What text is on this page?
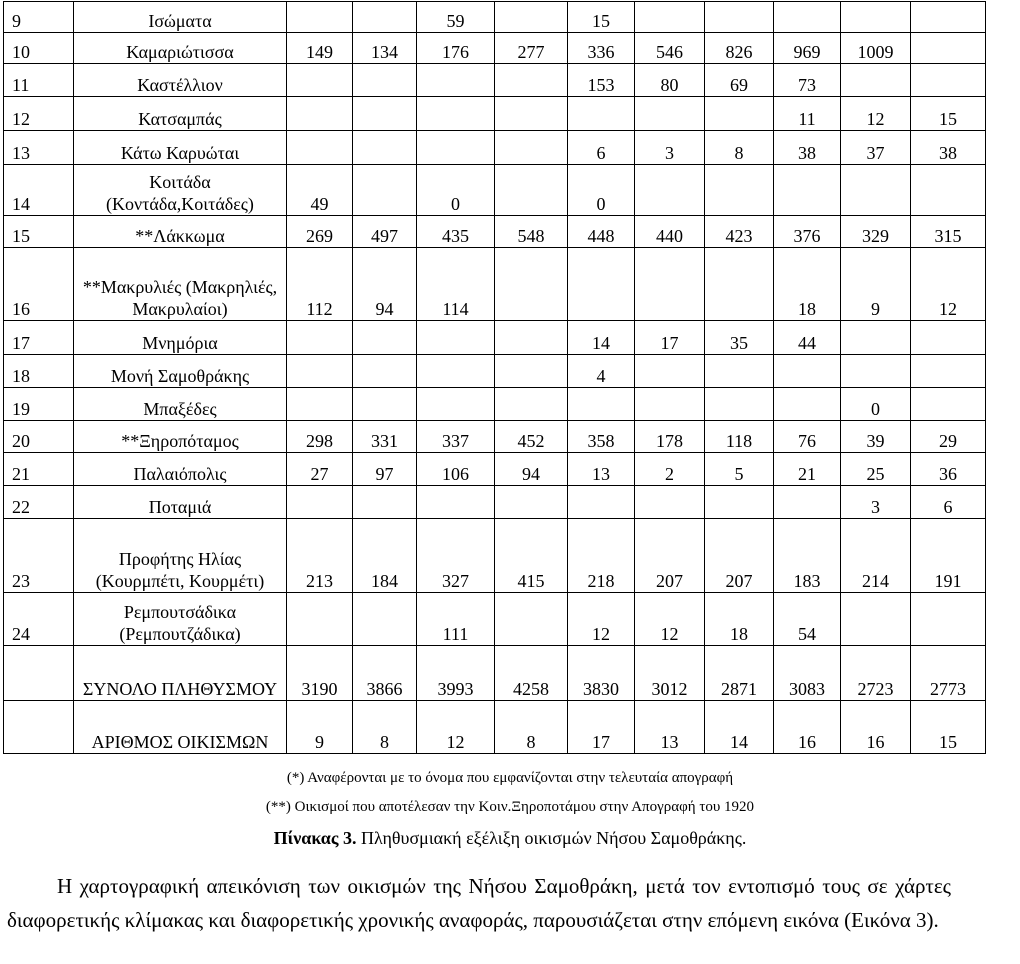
9	Ισώματα			59		15					
10	Καμαριώτισσα	149	134	176	277	336	546	826	969	1009	
11	Καστέλλιον					153	80	69	73		
12	Κατσαμπάς								11	12	15
13	Κάτω Καρυώται					6	3	8	38	37	38
14	Κοιτάδα (Κοντάδα,Κοιτάδες)	49		0		0					
15	**Λάκκωμα	269	497	435	548	448	440	423	376	329	315
16	**Μακρυλιές (Μακρηλιές, Μακρυλαίοι)	112	94	114					18	9	12
17	Μνημόρια					14	17	35	44		
18	Μονή Σαμοθράκης					4					
19	Μπαξέδες									0	
20	**Ξηροπόταμος	298	331	337	452	358	178	118	76	39	29
21	Παλαιόπολις	27	97	106	94	13	2	5	21	25	36
22	Ποταμιά									3	6
23	Προφήτης Ηλίας (Κουρμπέτι, Κουρμέτι)	213	184	327	415	218	207	207	183	214	191
24	Ρεμπουτσάδικα (Ρεμπουτζάδικα)			111		12	12	18	54		
	ΣΥΝΟΛΟ ΠΛΗΘΥΣΜΟΥ	3190	3866	3993	4258	3830	3012	2871	3083	2723	2773
	ΑΡΙΘΜΟΣ ΟΙΚΙΣΜΩΝ	9	8	12	8	17	13	14	16	16	15
(*) Αναφέρονται με το όνομα που εμφανίζονται στην τελευταία απογραφή
(**) Οικισμοί που αποτέλεσαν την Κοιν.Ξηροποτάμου στην Απογραφή του 1920
Πίνακας 3. Πληθυσμιακή εξέλιξη οικισμών Νήσου Σαμοθράκης.
Η χαρτογραφική απεικόνιση των οικισμών της Νήσου Σαμοθράκη, μετά τον εντοπισμό τους σε χάρτες διαφορετικής κλίμακας και διαφορετικής χρονικής αναφοράς, παρουσιάζεται στην επόμενη εικόνα (Εικόνα 3).
